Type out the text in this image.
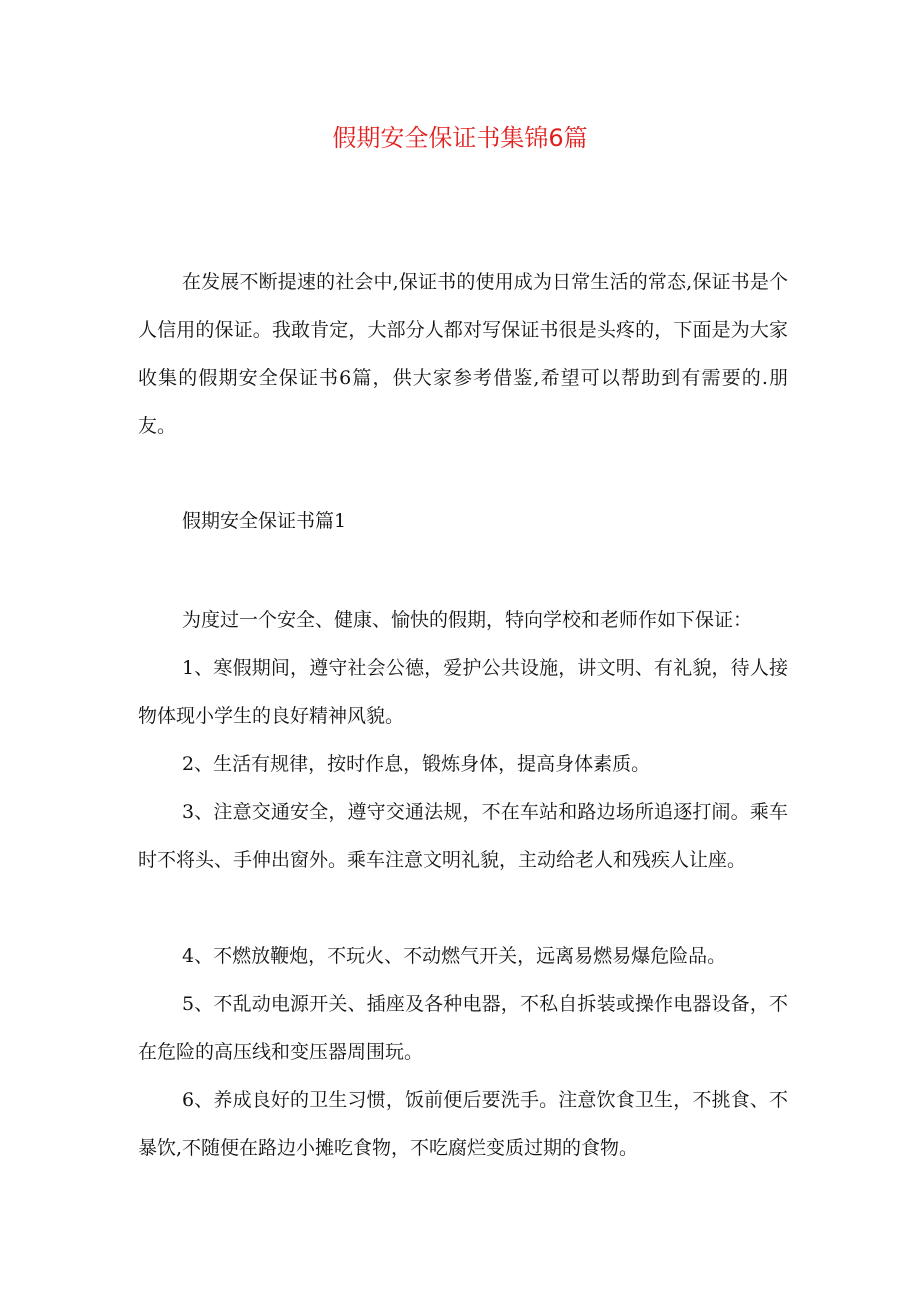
假期安全保证书集锦6篇

在发展不断提速的社会中,保证书的使用成为日常生活的常态,保证书是个人信用的保证。我敢肯定，大部分人都对写保证书很是头疼的，下面是为大家收集的假期安全保证书6篇，供大家参考借鉴,希望可以帮助到有需要的.朋友。

假期安全保证书篇1

为度过一个安全、健康、愉快的假期，特向学校和老师作如下保证：

1、寒假期间，遵守社会公德，爱护公共设施，讲文明、有礼貌，待人接物体现小学生的良好精神风貌。

2、生活有规律，按时作息，锻炼身体，提高身体素质。

3、注意交通安全，遵守交通法规，不在车站和路边场所追逐打闹。乘车时不将头、手伸出窗外。乘车注意文明礼貌，主动给老人和残疾人让座。

4、不燃放鞭炮，不玩火、不动燃气开关，远离易燃易爆危险品。

5、不乱动电源开关、插座及各种电器，不私自拆装或操作电器设备，不在危险的高压线和变压器周围玩。

6、养成良好的卫生习惯，饭前便后要洗手。注意饮食卫生，不挑食、不暴饮,不随便在路边小摊吃食物，不吃腐烂变质过期的食物。
